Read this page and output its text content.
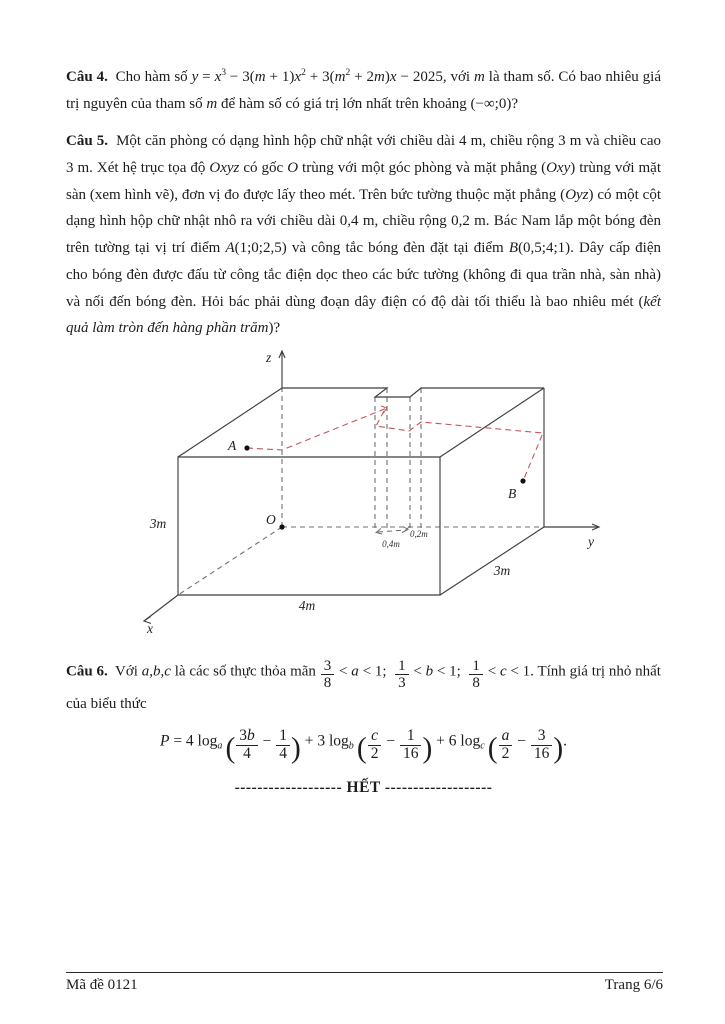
Câu 4.  Cho hàm số $y = x^3 - 3(m + 1)x^2 + 3(m^2 + 2m)x - 2025$, với m là tham số. Có bao nhiêu giá trị nguyên của tham số m để hàm số có giá trị lớn nhất trên khoảng (−∞;0)?

Câu 5.  Một căn phòng có dạng hình hộp chữ nhật với chiều dài 4 m, chiều rộng 3 m và chiều cao 3 m. Xét hệ trục tọa độ Oxyz có gốc O trùng với một góc phòng và mặt phẳng (Oxy) trùng với mặt sàn (xem hình vẽ), đơn vị đo được lấy theo mét. Trên bức tường thuộc mặt phẳng (Oyz) có một cột dạng hình hộp chữ nhật nhô ra với chiều dài 0,4 m, chiều rộng 0,2 m. Bác Nam lắp một bóng đèn trên tường tại vị trí điểm A(1;0;2,5) và công tắc bóng đèn đặt tại điểm B(0,5;4;1). Dây cấp điện cho bóng đèn được đấu từ công tắc điện dọc theo các bức tường (không đi qua trần nhà, sàn nhà) và nối đến bóng đèn. Hỏi bác phải dùng đoạn dây điện có độ dài tối thiểu là bao nhiêu mét (kết quả làm tròn đến hàng phần trăm)?

z
y
x
A
B
O
3m
4m
3m
0,4m
0,2m

Câu 6.  Với a,b,c là các số thực thỏa mãn $\frac{3}{8} < a < 1$; $\frac{1}{3} < b < 1$; $\frac{1}{8} < c < 1$. Tính giá trị nhỏ nhất của biểu thức

P = 4 loga  ( $\frac{3b}{4} - \frac{1}{4}$ ) + 3 logb  ( $\frac{c}{2} - \frac{1}{16}$ ) + 6 logc  ( $\frac{a}{2} - \frac{3}{16}$ ).
------------------- HẾT -------------------
Mã đề 0121	Trang 6/6
